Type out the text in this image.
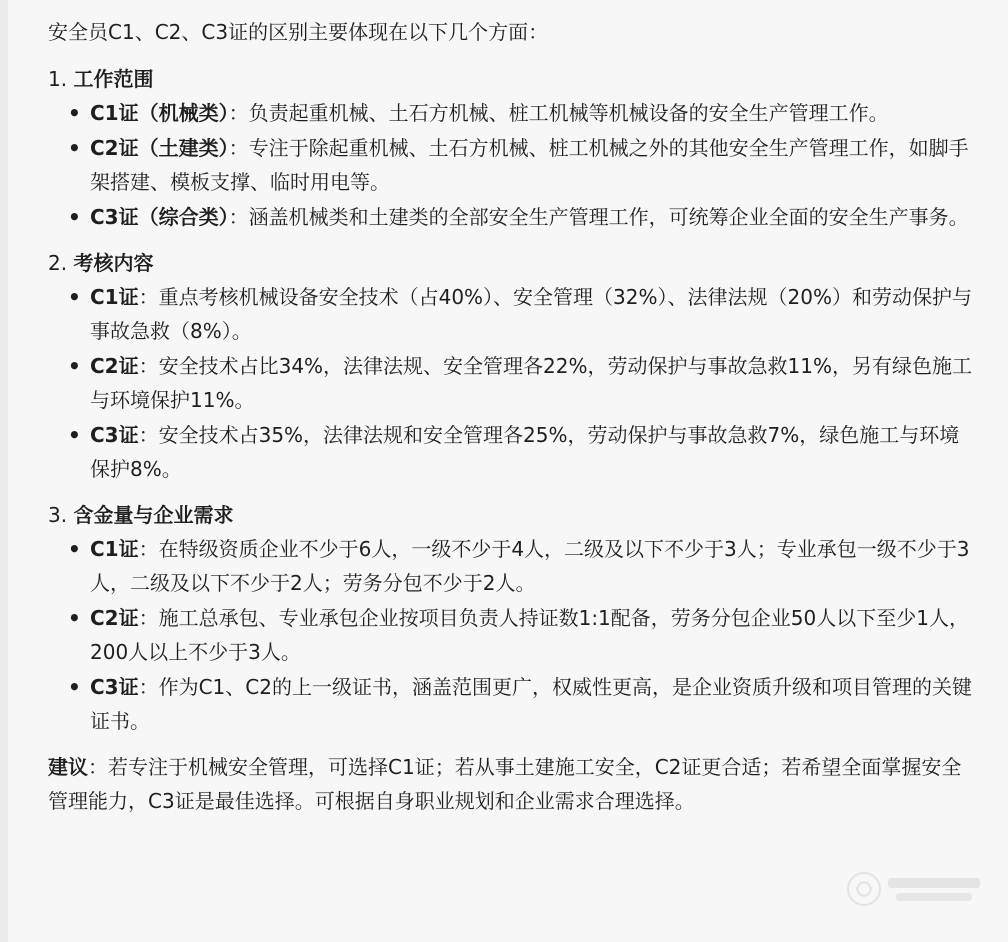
安全员C1、C2、C3证的区别主要体现在以下几个方面：

1. 工作范围

• C1证（机械类）：负责起重机械、土石方机械、桩工机械等机械设备的安全生产管理工作。
• C2证（土建类）：专注于除起重机械、土石方机械、桩工机械之外的其他安全生产管理工作，如脚手架搭建、模板支撑、临时用电等。
• C3证（综合类）：涵盖机械类和土建类的全部安全生产管理工作，可统筹企业全面的安全生产事务。

2. 考核内容

• C1证：重点考核机械设备安全技术（占40%）、安全管理（32%）、法律法规（20%）和劳动保护与事故急救（8%）。
• C2证：安全技术占比34%，法律法规、安全管理各22%，劳动保护与事故急救11%，另有绿色施工与环境保护11%。
• C3证：安全技术占35%，法律法规和安全管理各25%，劳动保护与事故急救7%，绿色施工与环境保护8%。

3. 含金量与企业需求

• C1证：在特级资质企业不少于6人，一级不少于4人，二级及以下不少于3人；专业承包一级不少于3人，二级及以下不少于2人；劳务分包不少于2人。
• C2证：施工总承包、专业承包企业按项目负责人持证数1:1配备，劳务分包企业50人以下至少1人，200人以上不少于3人。
• C3证：作为C1、C2的上一级证书，涵盖范围更广，权威性更高，是企业资质升级和项目管理的关键证书。

建议：若专注于机械安全管理，可选择C1证；若从事土建施工安全，C2证更合适；若希望全面掌握安全管理能力，C3证是最佳选择。可根据自身职业规划和企业需求合理选择。
